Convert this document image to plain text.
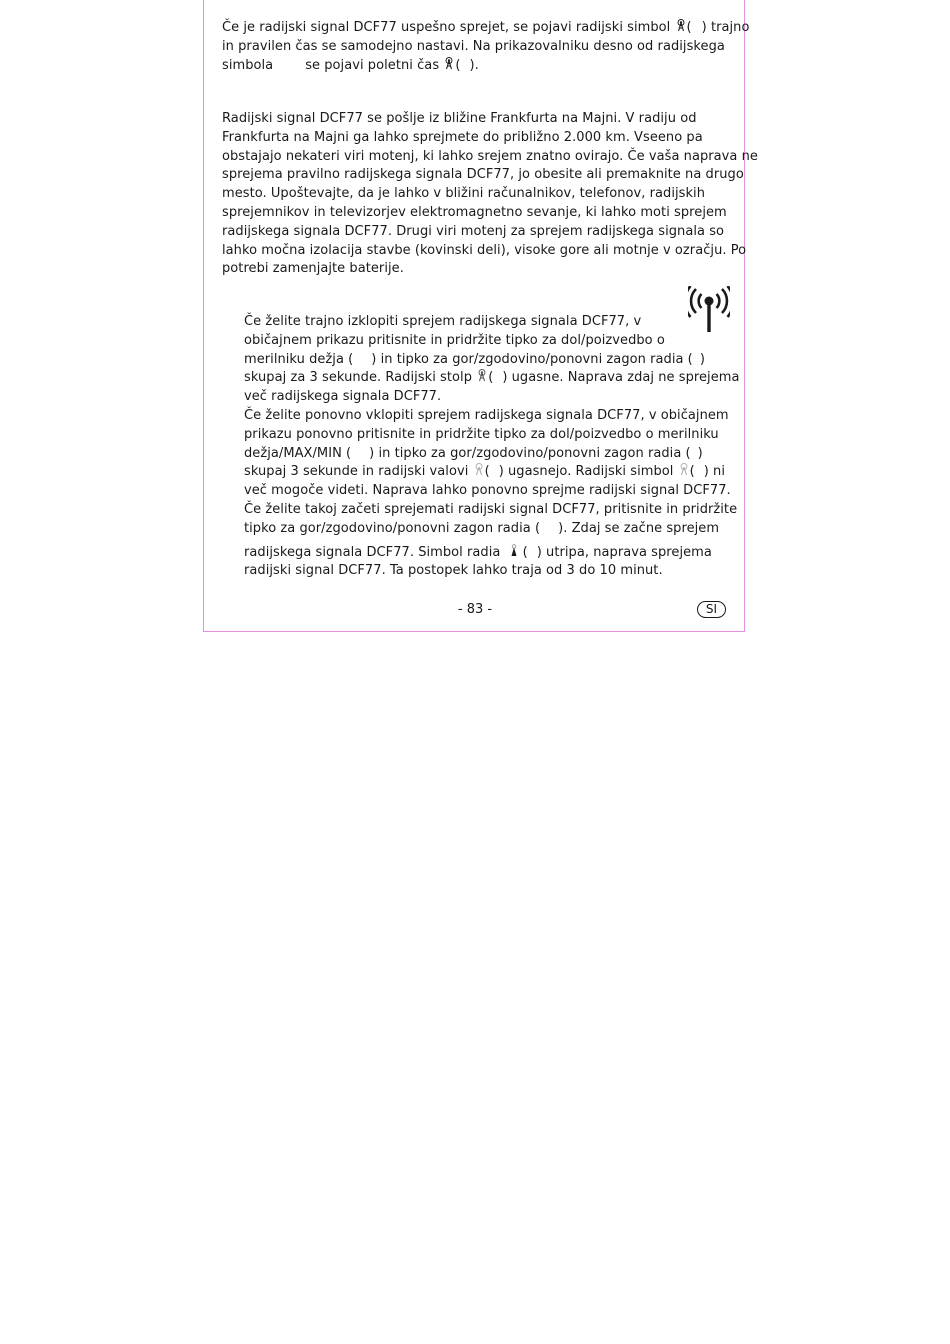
Če je radijski signal DCF77 uspešno sprejet, se pojavi radijski simbol ( ) trajno
in pravilen čas se samodejno nastavi. Na prikazovalniku desno od radijskega
simbola se pojavi poletni čas ( ).
Radijski signal DCF77 se pošlje iz bližine Frankfurta na Majni. V radiju od
Frankfurta na Majni ga lahko sprejmete do približno 2.000 km. Vseeno pa
obstajajo nekateri viri motenj, ki lahko srejem znatno ovirajo. Če vaša naprava ne
sprejema pravilno radijskega signala DCF77, jo obesite ali premaknite na drugo
mesto. Upoštevajte, da je lahko v bližini računalnikov, telefonov, radijskih
sprejemnikov in televizorjev elektromagnetno sevanje, ki lahko moti sprejem
radijskega signala DCF77. Drugi viri motenj za sprejem radijskega signala so
lahko močna izolacija stavbe (kovinski deli), visoke gore ali motnje v ozračju. Po
potrebi zamenjajte baterije.
Če želite trajno izklopiti sprejem radijskega signala DCF77, v
običajnem prikazu pritisnite in pridržite tipko za dol/poizvedbo o
merilniku dežja ( ) in tipko za gor/zgodovino/ponovni zagon radia ( )
skupaj za 3 sekunde. Radijski stolp ( ) ugasne. Naprava zdaj ne sprejema
več radijskega signala DCF77.
Če želite ponovno vklopiti sprejem radijskega signala DCF77, v običajnem
prikazu ponovno pritisnite in pridržite tipko za dol/poizvedbo o merilniku
dežja/MAX/MIN ( ) in tipko za gor/zgodovino/ponovni zagon radia ( )
skupaj 3 sekunde in radijski valovi ( ) ugasnejo. Radijski simbol ( ) ni
več mogoče videti. Naprava lahko ponovno sprejme radijski signal DCF77.
Če želite takoj začeti sprejemati radijski signal DCF77, pritisnite in pridržite
tipko za gor/zgodovino/ponovni zagon radia ( ). Zdaj se začne sprejem
radijskega signala DCF77. Simbol radia ( ) utripa, naprava sprejema
radijski signal DCF77. Ta postopek lahko traja od 3 do 10 minut.
- 83 -	SI
